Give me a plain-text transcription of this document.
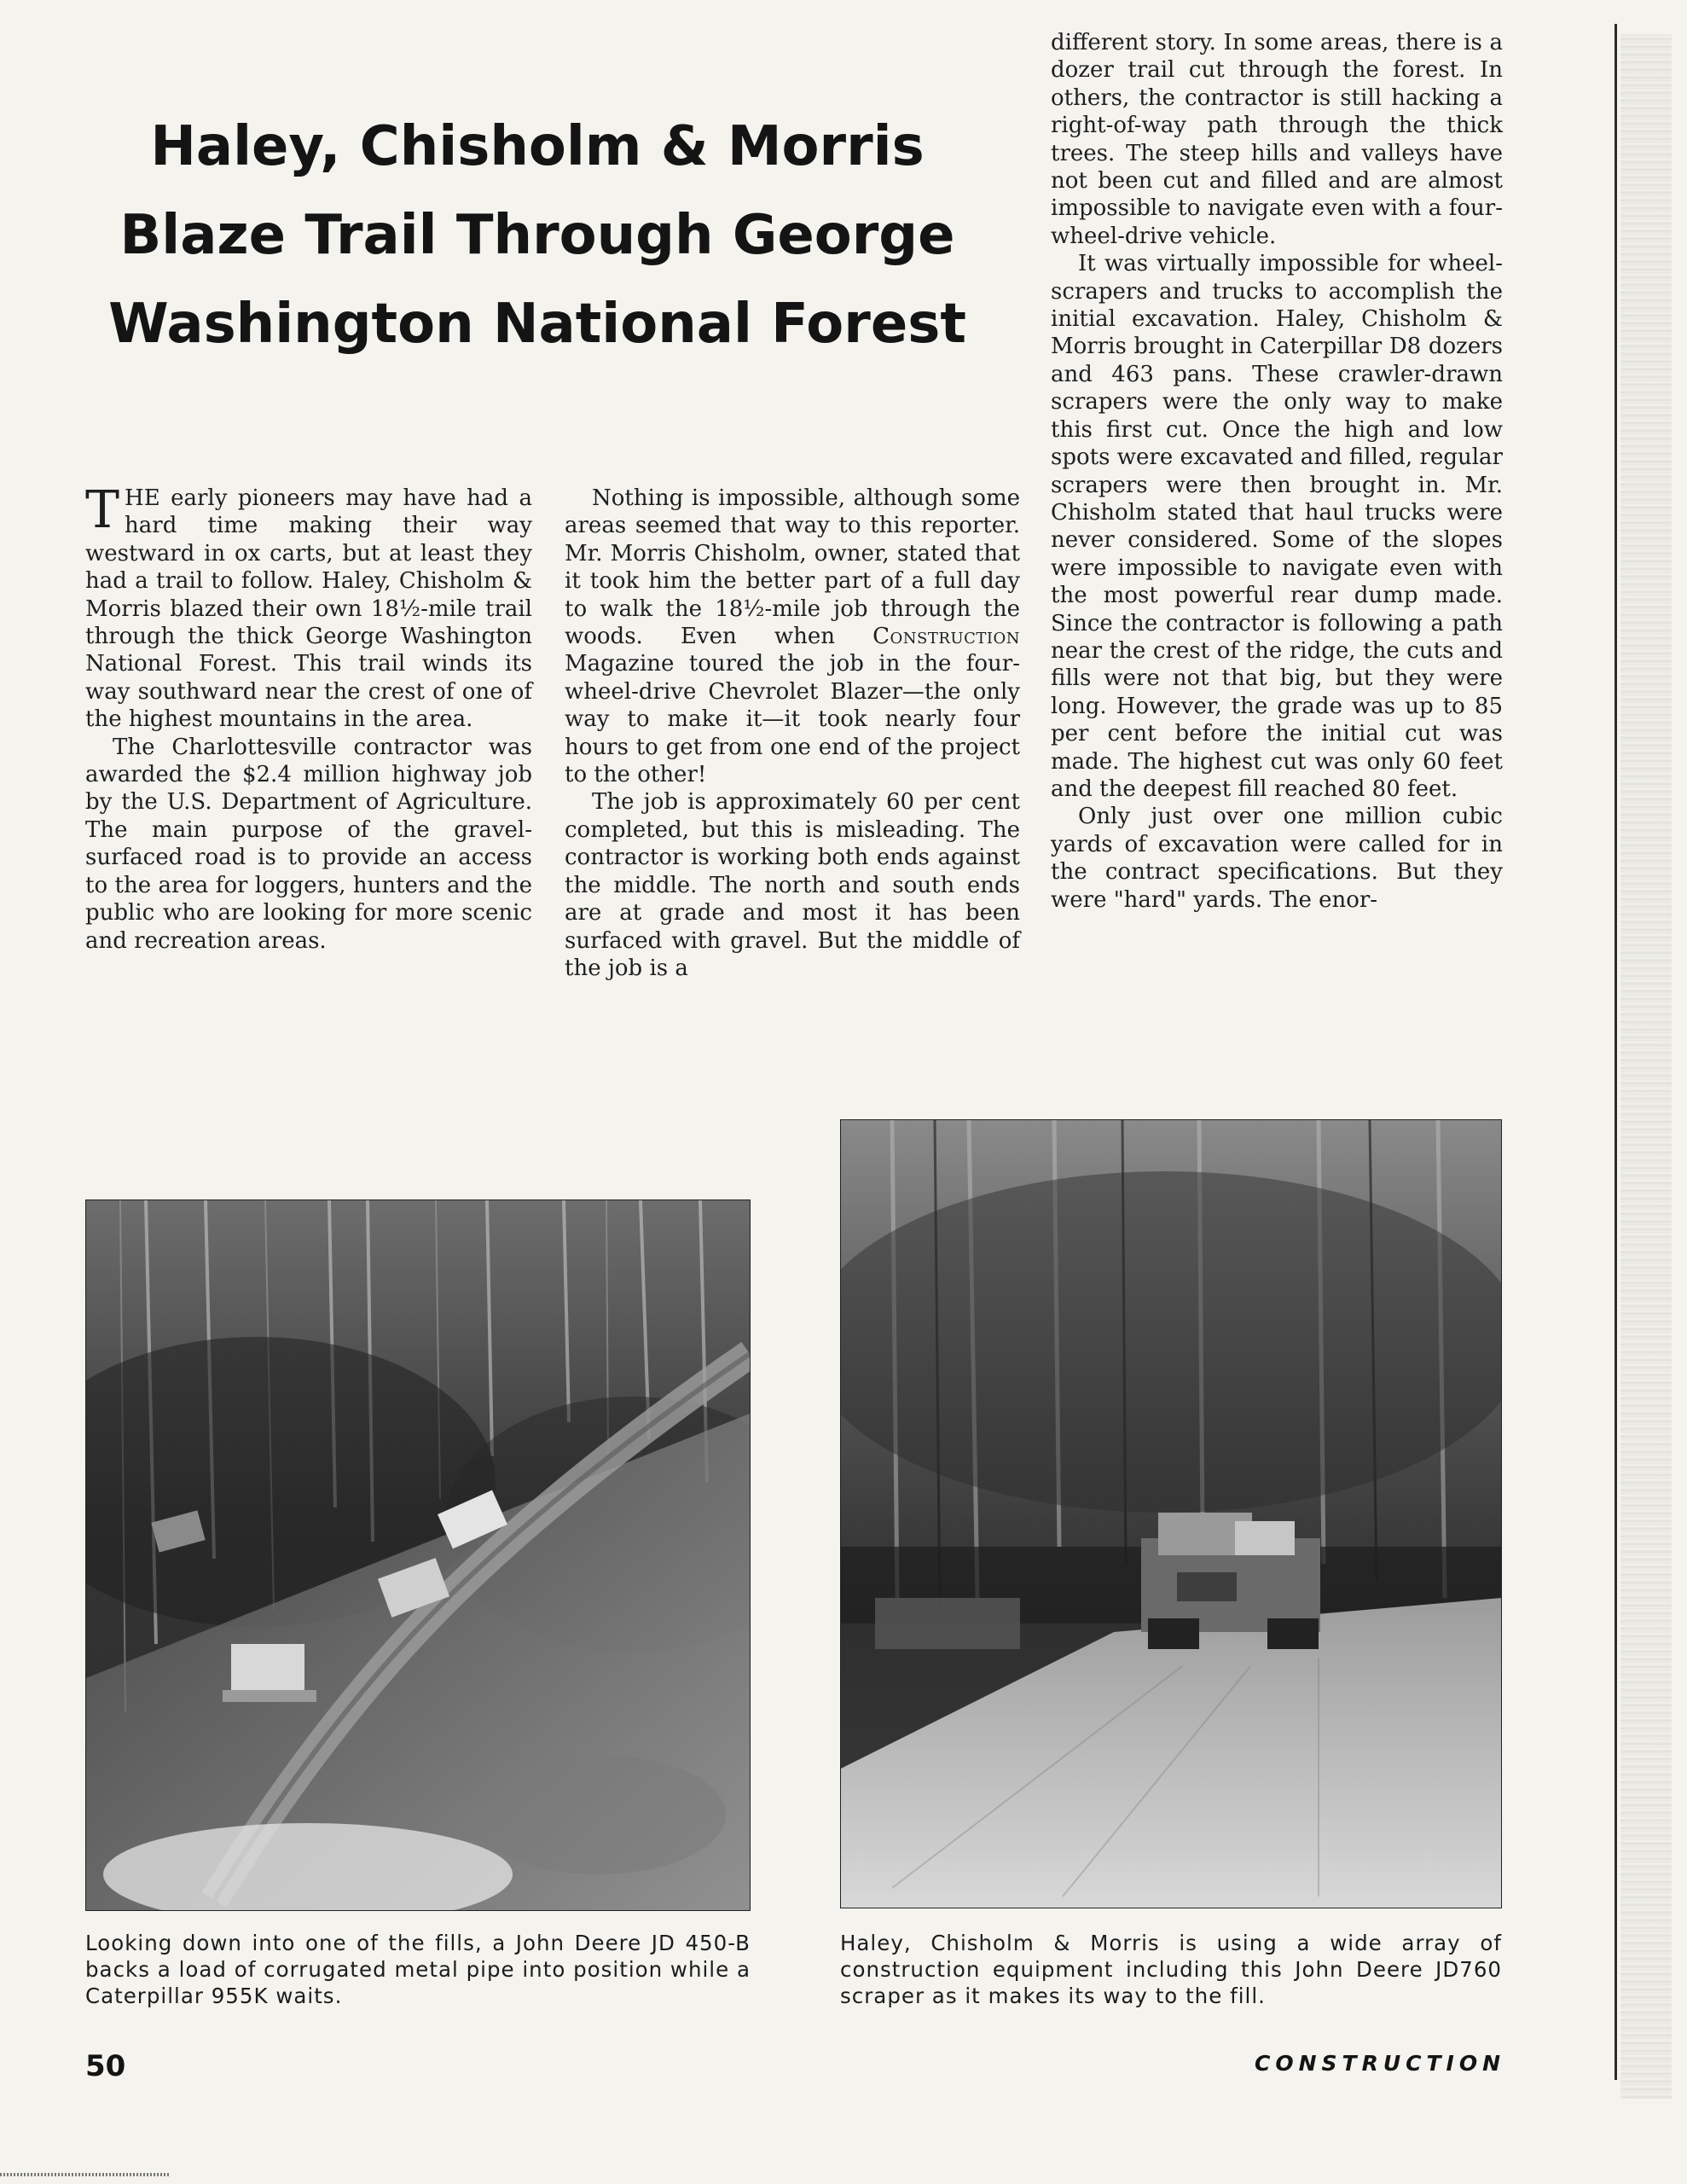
Haley, Chisholm & Morris Blaze Trail Through George Washington National Forest

THE early pioneers may have had a hard time making their way westward in ox carts, but at least they had a trail to follow. Haley, Chisholm & Morris blazed their own 18½-mile trail through the thick George Washington National Forest. This trail winds its way southward near the crest of one of the highest mountains in the area.

The Charlottesville contractor was awarded the $2.4 million highway job by the U.S. Department of Agriculture. The main purpose of the gravel-surfaced road is to provide an access to the area for loggers, hunters and the public who are looking for more scenic and recreation areas.

Nothing is impossible, although some areas seemed that way to this reporter. Mr. Morris Chisholm, owner, stated that it took him the better part of a full day to walk the 18½-mile job through the woods. Even when Construction Magazine toured the job in the four-wheel-drive Chevrolet Blazer—the only way to make it—it took nearly four hours to get from one end of the project to the other!

The job is approximately 60 per cent completed, but this is misleading. The contractor is working both ends against the middle. The north and south ends are at grade and most it has been surfaced with gravel. But the middle of the job is a

different story. In some areas, there is a dozer trail cut through the forest. In others, the contractor is still hacking a right-of-way path through the thick trees. The steep hills and valleys have not been cut and filled and are almost impossible to navigate even with a four-wheel-drive vehicle.

It was virtually impossible for wheel-scrapers and trucks to accomplish the initial excavation. Haley, Chisholm & Morris brought in Caterpillar D8 dozers and 463 pans. These crawler-drawn scrapers were the only way to make this first cut. Once the high and low spots were excavated and filled, regular scrapers were then brought in. Mr. Chisholm stated that haul trucks were never considered. Some of the slopes were impossible to navigate even with the most powerful rear dump made. Since the contractor is following a path near the crest of the ridge, the cuts and fills were not that big, but they were long. However, the grade was up to 85 per cent before the initial cut was made. The highest cut was only 60 feet and the deepest fill reached 80 feet.

Only just over one million cubic yards of excavation were called for in the contract specifications. But they were "hard" yards. The enor-

Looking down into one of the fills, a John Deere JD 450-B backs a load of corrugated metal pipe into position while a Caterpillar 955K waits.

Haley, Chisholm & Morris is using a wide array of construction equipment including this John Deere JD760 scraper as it makes its way to the fill.

50	CONSTRUCTION
